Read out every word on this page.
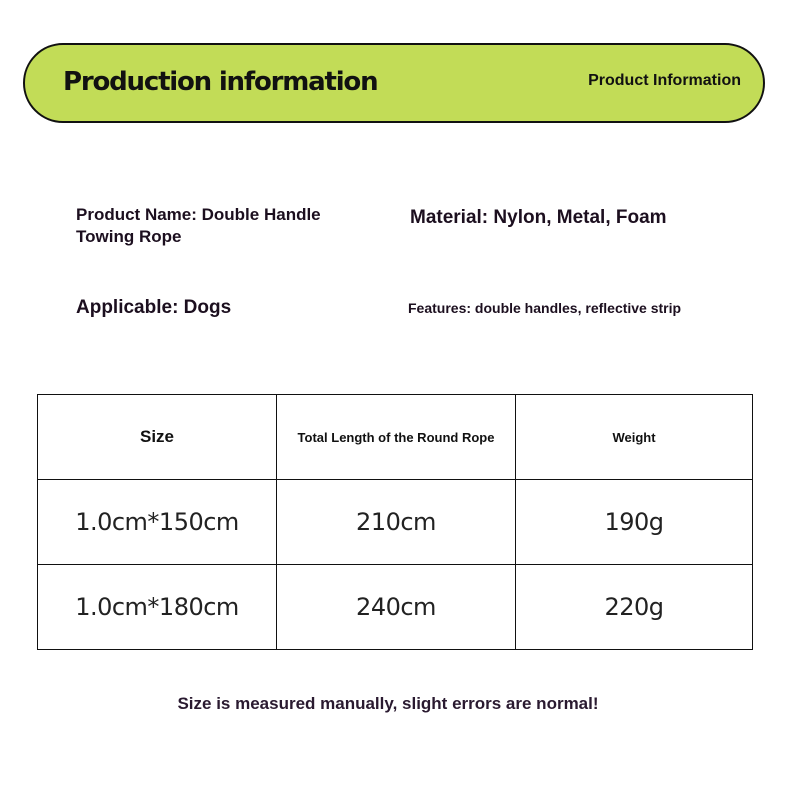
Production information	Product Information
Product Name: Double Handle Towing Rope
Material: Nylon, Metal, Foam
Applicable: Dogs	Features: double handles, reflective strip
Size	Total Length of the Round Rope	Weight
1.0cm*150cm	210cm	190g
1.0cm*180cm	240cm	220g
Size is measured manually, slight errors are normal!
